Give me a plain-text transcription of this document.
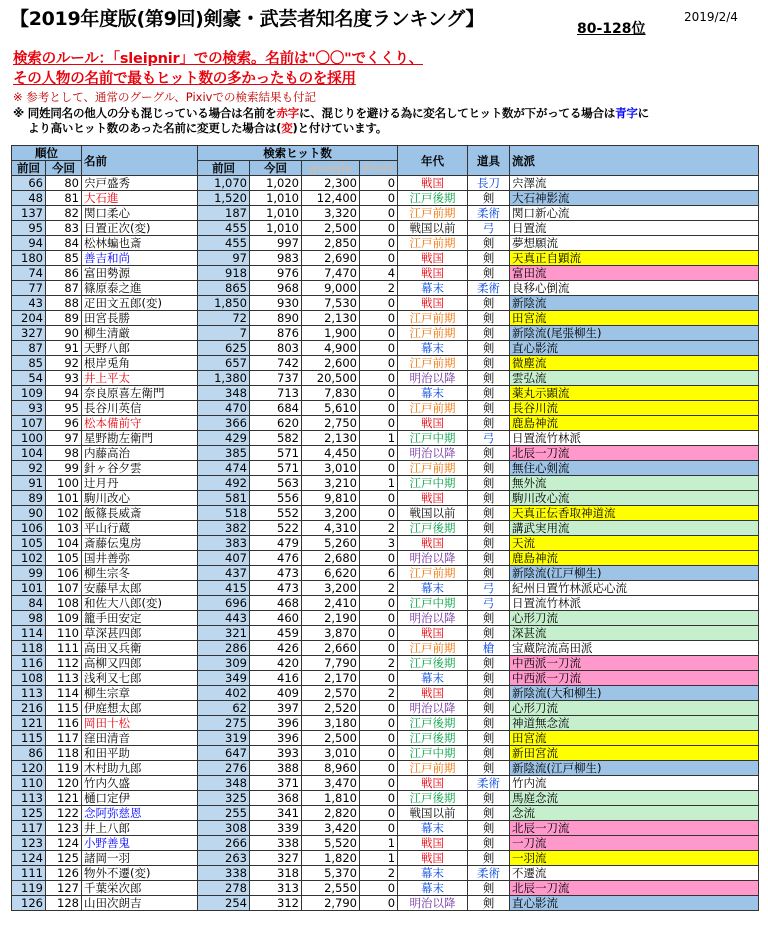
【2019年度版(第9回)剣豪・武芸者知名度ランキング】	80-128位
2019/2/4
検索のルール：「sleipnir」での検索。名前は"〇〇"でくくり、
その人物の名前で最もヒット数の多かったものを採用
※ 参考として、通常のグーグル、Pixivでの検索結果も付記
※ 同姓同名の他人の分も混じっている場合は名前を赤字に、混じりを避ける為に変名してヒット数が下がってる場合は青字に
より高いヒット数のあった名前に変更した場合は(変)と付けています。
順位		名前	検索ヒット数				年代	道具	流派
前回	今回		前回	今回	google	Pixiv			
66	80	宍戸盛秀	1,070	1,020	2,300	0	戦国	長刀	宍澤流
48	81	大石進	1,520	1,010	12,400	0	江戸後期	剣	大石神影流
137	82	関口柔心	187	1,010	3,320	0	江戸前期	柔術	関口新心流
95	83	日置正次(変)	455	1,010	2,500	0	戦国以前	弓	日置流
94	84	松林蝙也斎	455	997	2,850	0	江戸前期	剣	夢想願流
180	85	善吉和尚	97	983	2,690	0	戦国	剣	天真正自顕流
74	86	富田勢源	918	976	7,470	4	戦国	剣	富田流
77	87	篠原泰之進	865	968	9,000	2	幕末	柔術	良移心倒流
43	88	疋田文五郎(変)	1,850	930	7,530	0	戦国	剣	新陰流
204	89	田宮長勝	72	890	2,130	0	江戸前期	剣	田宮流
327	90	柳生清厳	7	876	1,900	0	江戸前期	剣	新陰流(尾張柳生)
87	91	天野八郎	625	803	4,900	0	幕末	剣	直心影流
85	92	根岸兎角	657	742	2,600	0	江戸前期	剣	微塵流
54	93	井上平太	1,380	737	20,500	0	明治以降	剣	雲弘流
109	94	奈良原喜左衛門	348	713	7,830	0	幕末	剣	薬丸示顕流
93	95	長谷川英信	470	684	5,610	0	江戸前期	剣	長谷川流
107	96	松本備前守	366	620	2,750	0	戦国	剣	鹿島神流
100	97	星野勘左衛門	429	582	2,130	1	江戸中期	弓	日置流竹林派
104	98	内藤高治	385	571	4,450	0	明治以降	剣	北辰一刀流
92	99	針ヶ谷夕雲	474	571	3,010	0	江戸前期	剣	無住心剣流
91	100	辻月丹	492	563	3,210	1	江戸中期	剣	無外流
89	101	駒川改心	581	556	9,810	0	戦国	剣	駒川改心流
90	102	飯篠長威斎	518	552	3,200	0	戦国以前	剣	天真正伝香取神道流
106	103	平山行蔵	382	522	4,310	2	江戸後期	剣	講武実用流
105	104	斎藤伝鬼房	383	479	5,260	3	戦国	剣	天流
102	105	国井善弥	407	476	2,680	0	明治以降	剣	鹿島神流
99	106	柳生宗冬	437	473	6,620	6	江戸前期	剣	新陰流(江戸柳生)
101	107	安藤早太郎	415	473	3,200	2	幕末	弓	紀州日置竹林派応心流
84	108	和佐大八郎(変)	696	468	2,410	0	江戸中期	弓	日置流竹林派
98	109	籠手田安定	443	460	2,190	0	明治以降	剣	心形刀流
114	110	草深甚四郎	321	459	3,870	0	戦国	剣	深甚流
118	111	高田又兵衛	286	426	2,660	0	江戸前期	槍	宝蔵院流高田派
116	112	高柳又四郎	309	420	7,790	2	江戸後期	剣	中西派一刀流
108	113	浅利又七郎	349	416	2,170	0	幕末	剣	中西派一刀流
113	114	柳生宗章	402	409	2,570	2	戦国	剣	新陰流(大和柳生)
216	115	伊庭想太郎	62	397	2,520	0	明治以降	剣	心形刀流
121	116	岡田十松	275	396	3,180	0	江戸後期	剣	神道無念流
115	117	窪田清音	319	396	2,500	0	江戸後期	剣	田宮流
86	118	和田平助	647	393	3,010	0	江戸中期	剣	新田宮流
120	119	木村助九郎	276	388	8,960	0	江戸前期	剣	新陰流(江戸柳生)
110	120	竹内久盛	348	371	3,470	0	戦国	柔術	竹内流
113	121	樋口定伊	325	368	1,810	0	江戸後期	剣	馬庭念流
125	122	念阿弥慈恩	255	341	2,820	0	戦国以前	剣	念流
117	123	井上八郎	308	339	3,420	0	幕末	剣	北辰一刀流
123	124	小野善鬼	266	338	5,520	1	戦国	剣	一刀流
124	125	諸岡一羽	263	327	1,820	1	戦国	剣	一羽流
111	126	物外不遷(変)	338	318	5,370	2	幕末	柔術	不遷流
119	127	千葉栄次郎	278	313	2,550	0	幕末	剣	北辰一刀流
126	128	山田次朗吉	254	312	2,790	0	明治以降	剣	直心影流
